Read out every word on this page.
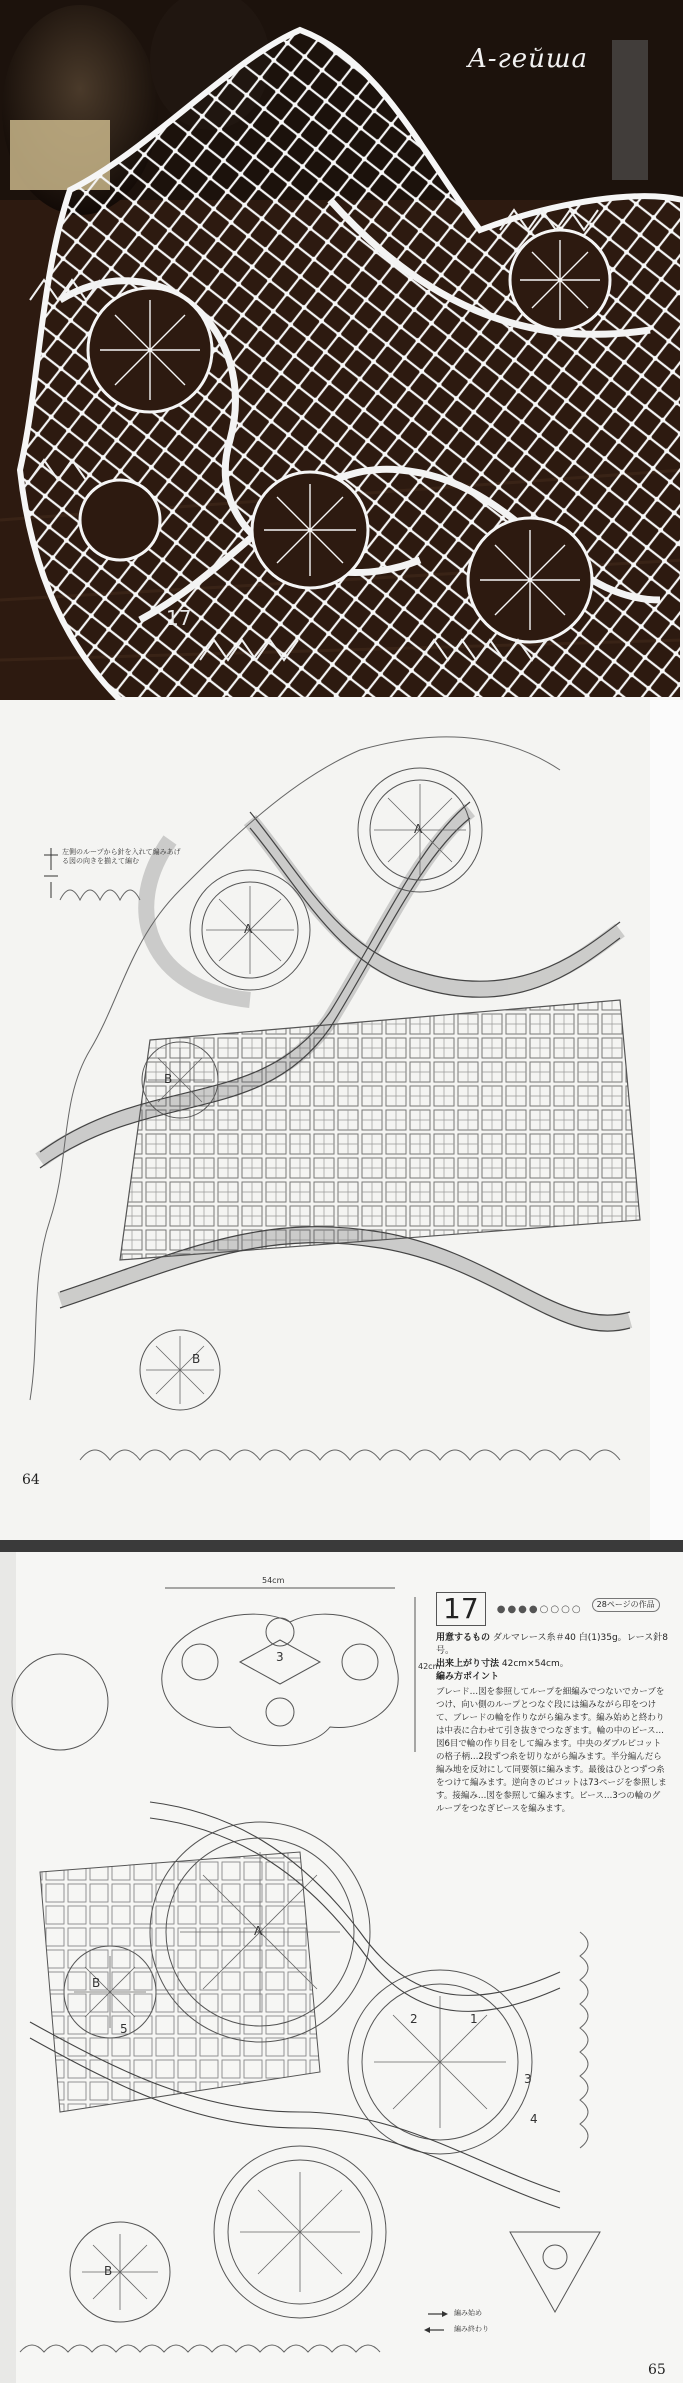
A-гейша
17
左側のループから針を入れて編みあげる図の向きを揃えて編む
A
A
B
B
64
54cm
42cm
3
17 ●●●●○○○○ 28ページの作品
用意するもの ダルマレース糸＃40 白(1)35g。レース針8号。
出来上がり寸法 42cm×54cm。
編み方ポイント
ブレード…図を参照してループを細編みでつないでカーブをつけ、向い側のループとつなぐ段には編みながら印をつけて、ブレードの輪を作りながら編みます。編み始めと終わりは中表に合わせて引き抜きでつなぎます。輪の中のピース…図6目で輪の作り目をして編みます。中央のダブルピコットの格子柄…2段ずつ糸を切りながら編みます。半分編んだら編み地を反対にして同要領に編みます。最後はひとつずつ糸をつけて編みます。逆向きのピコットは73ページを参照します。接編み…図を参照して編みます。ピース…3つの輪のグループをつなぎピースを編みます。
A
B
B
1
2
3
4
5
編み始め
編み終わり
65
